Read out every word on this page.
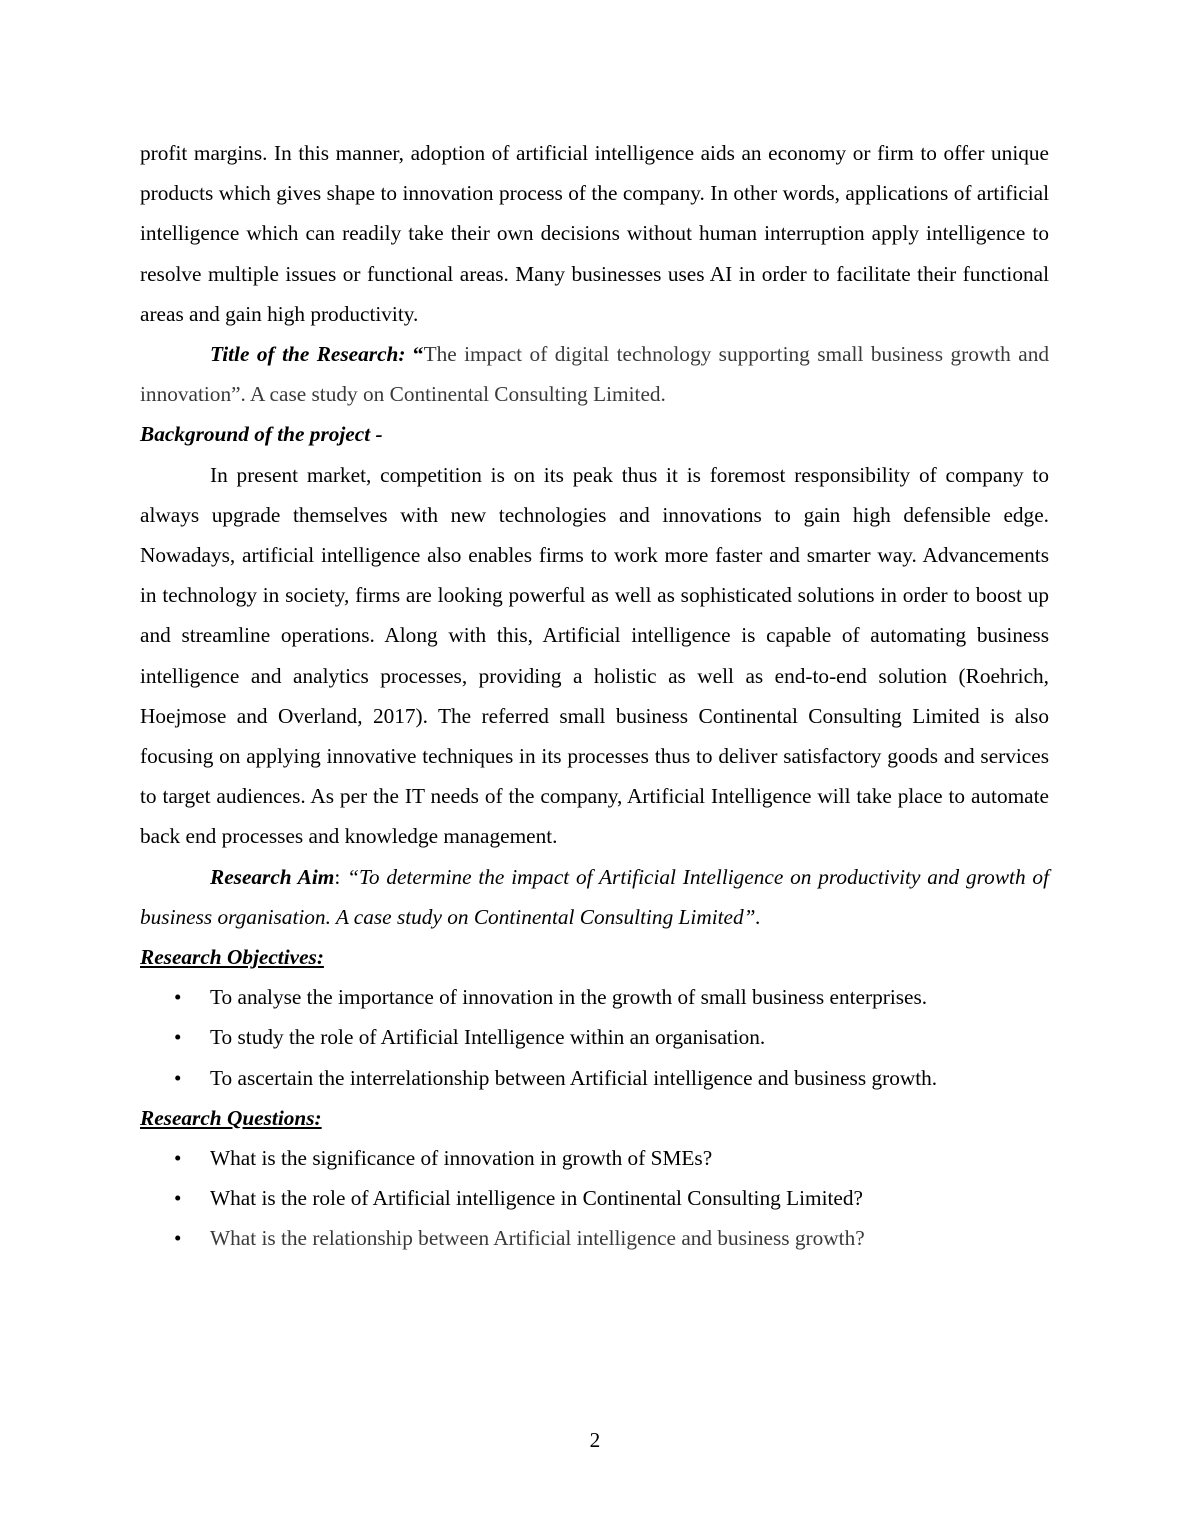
profit margins. In this manner, adoption of artificial intelligence aids an economy or firm to offer unique products which gives shape to innovation process of the company. In other words, applications of artificial intelligence which can readily take their own decisions without human interruption apply intelligence to resolve multiple issues or functional areas. Many businesses uses AI in order to facilitate their functional areas and gain high productivity.

Title of the Research: “The impact of digital technology supporting small business growth and innovation”. A case study on Continental Consulting Limited.

Background of the project -

In present market, competition is on its peak thus it is foremost responsibility of company to always upgrade themselves with new technologies and innovations to gain high defensible edge. Nowadays, artificial intelligence also enables firms to work more faster and smarter way. Advancements in technology in society, firms are looking powerful as well as sophisticated solutions in order to boost up and streamline operations. Along with this, Artificial intelligence is capable of automating business intelligence and analytics processes, providing a holistic as well as end-to-end solution (Roehrich, Hoejmose and Overland, 2017). The referred small business Continental Consulting Limited is also focusing on applying innovative techniques in its processes thus to deliver satisfactory goods and services to target audiences. As per the IT needs of the company, Artificial Intelligence will take place to automate back end processes and knowledge management.

Research Aim: “To determine the impact of Artificial Intelligence on productivity and growth of business organisation. A case study on Continental Consulting Limited”.

Research Objectives:

• To analyse the importance of innovation in the growth of small business enterprises.
• To study the role of Artificial Intelligence within an organisation.
• To ascertain the interrelationship between Artificial intelligence and business growth.

Research Questions:

• What is the significance of innovation in growth of SMEs?
• What is the role of Artificial intelligence in Continental Consulting Limited?
• What is the relationship between Artificial intelligence and business growth?
2
